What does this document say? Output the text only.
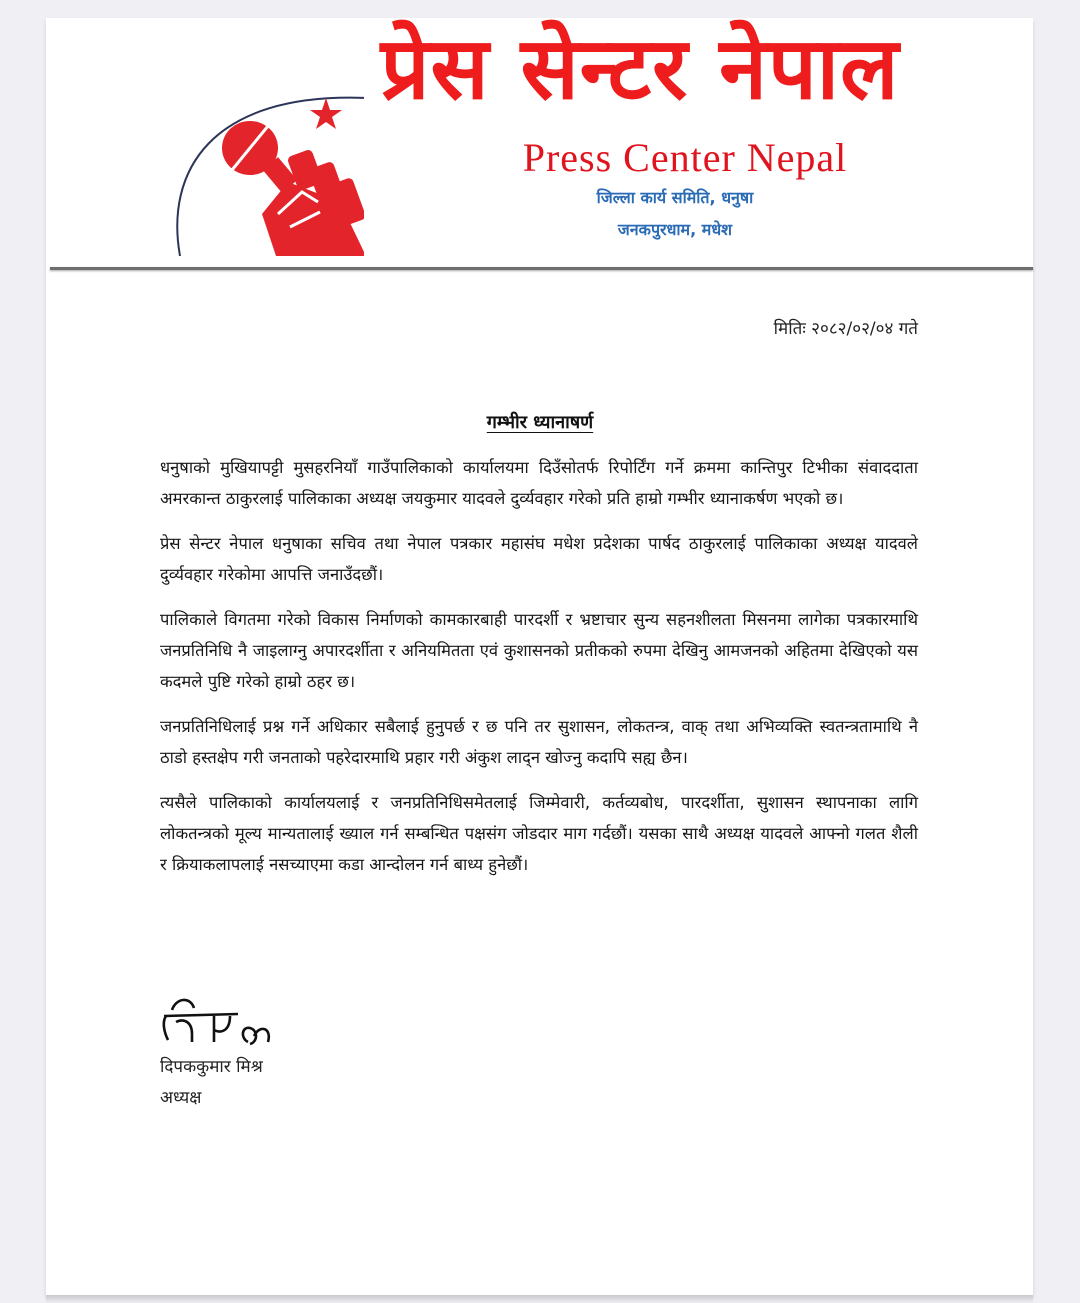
प्रेस सेन्टर नेपाल
Press Center Nepal
जिल्ला कार्य समिति, धनुषा
जनकपुरधाम, मधेश
मितिः २०८२/०२/०४ गते
गम्भीर ध्यानाषर्ण

धनुषाको मुखियापट्टी मुसहरनियाँ गाउँपालिकाको कार्यालयमा दिउँसोतर्फ रिपोर्टिंग गर्ने क्रममा कान्तिपुर टिभीका संवाददाता अमरकान्त ठाकुरलाई पालिकाका अध्यक्ष जयकुमार यादवले दुर्व्यवहार गरेको प्रति हाम्रो गम्भीर ध्यानाकर्षण भएको छ।

प्रेस सेन्टर नेपाल धनुषाका सचिव तथा नेपाल पत्रकार महासंघ मधेश प्रदेशका पार्षद ठाकुरलाई पालिकाका अध्यक्ष यादवले दुर्व्यवहार गरेकोमा आपत्ति जनाउँदछौं।

पालिकाले विगतमा गरेको विकास निर्माणको कामकारबाही पारदर्शी र भ्रष्टाचार सुन्य सहनशीलता मिसनमा लागेका पत्रकारमाथि जनप्रतिनिधि नै जाइलाग्नु अपारदर्शीता र अनियमितता एवं कुशासनको प्रतीकको रुपमा देखिनु आमजनको अहितमा देखिएको यस कदमले पुष्टि गरेको हाम्रो ठहर छ।

जनप्रतिनिधिलाई प्रश्न गर्ने अधिकार सबैलाई हुनुपर्छ र छ पनि तर सुशासन, लोकतन्त्र, वाक् तथा अभिव्यक्ति स्वतन्त्रतामाथि नै ठाडो हस्तक्षेप गरी जनताको पहरेदारमाथि प्रहार गरी अंकुश लाद्न खोज्नु कदापि सह्य छैन।

त्यसैले पालिकाको कार्यालयलाई र जनप्रतिनिधिसमेतलाई जिम्मेवारी, कर्तव्यबोध, पारदर्शीता, सुशासन स्थापनाका लागि लोकतन्त्रको मूल्य मान्यतालाई ख्याल गर्न सम्बन्धित पक्षसंग जोडदार माग गर्दछौं। यसका साथै अध्यक्ष यादवले आफ्नो गलत शैली र क्रियाकलापलाई नसच्याएमा कडा आन्दोलन गर्न बाध्य हुनेछौं।

दिपककुमार मिश्र
अध्यक्ष
